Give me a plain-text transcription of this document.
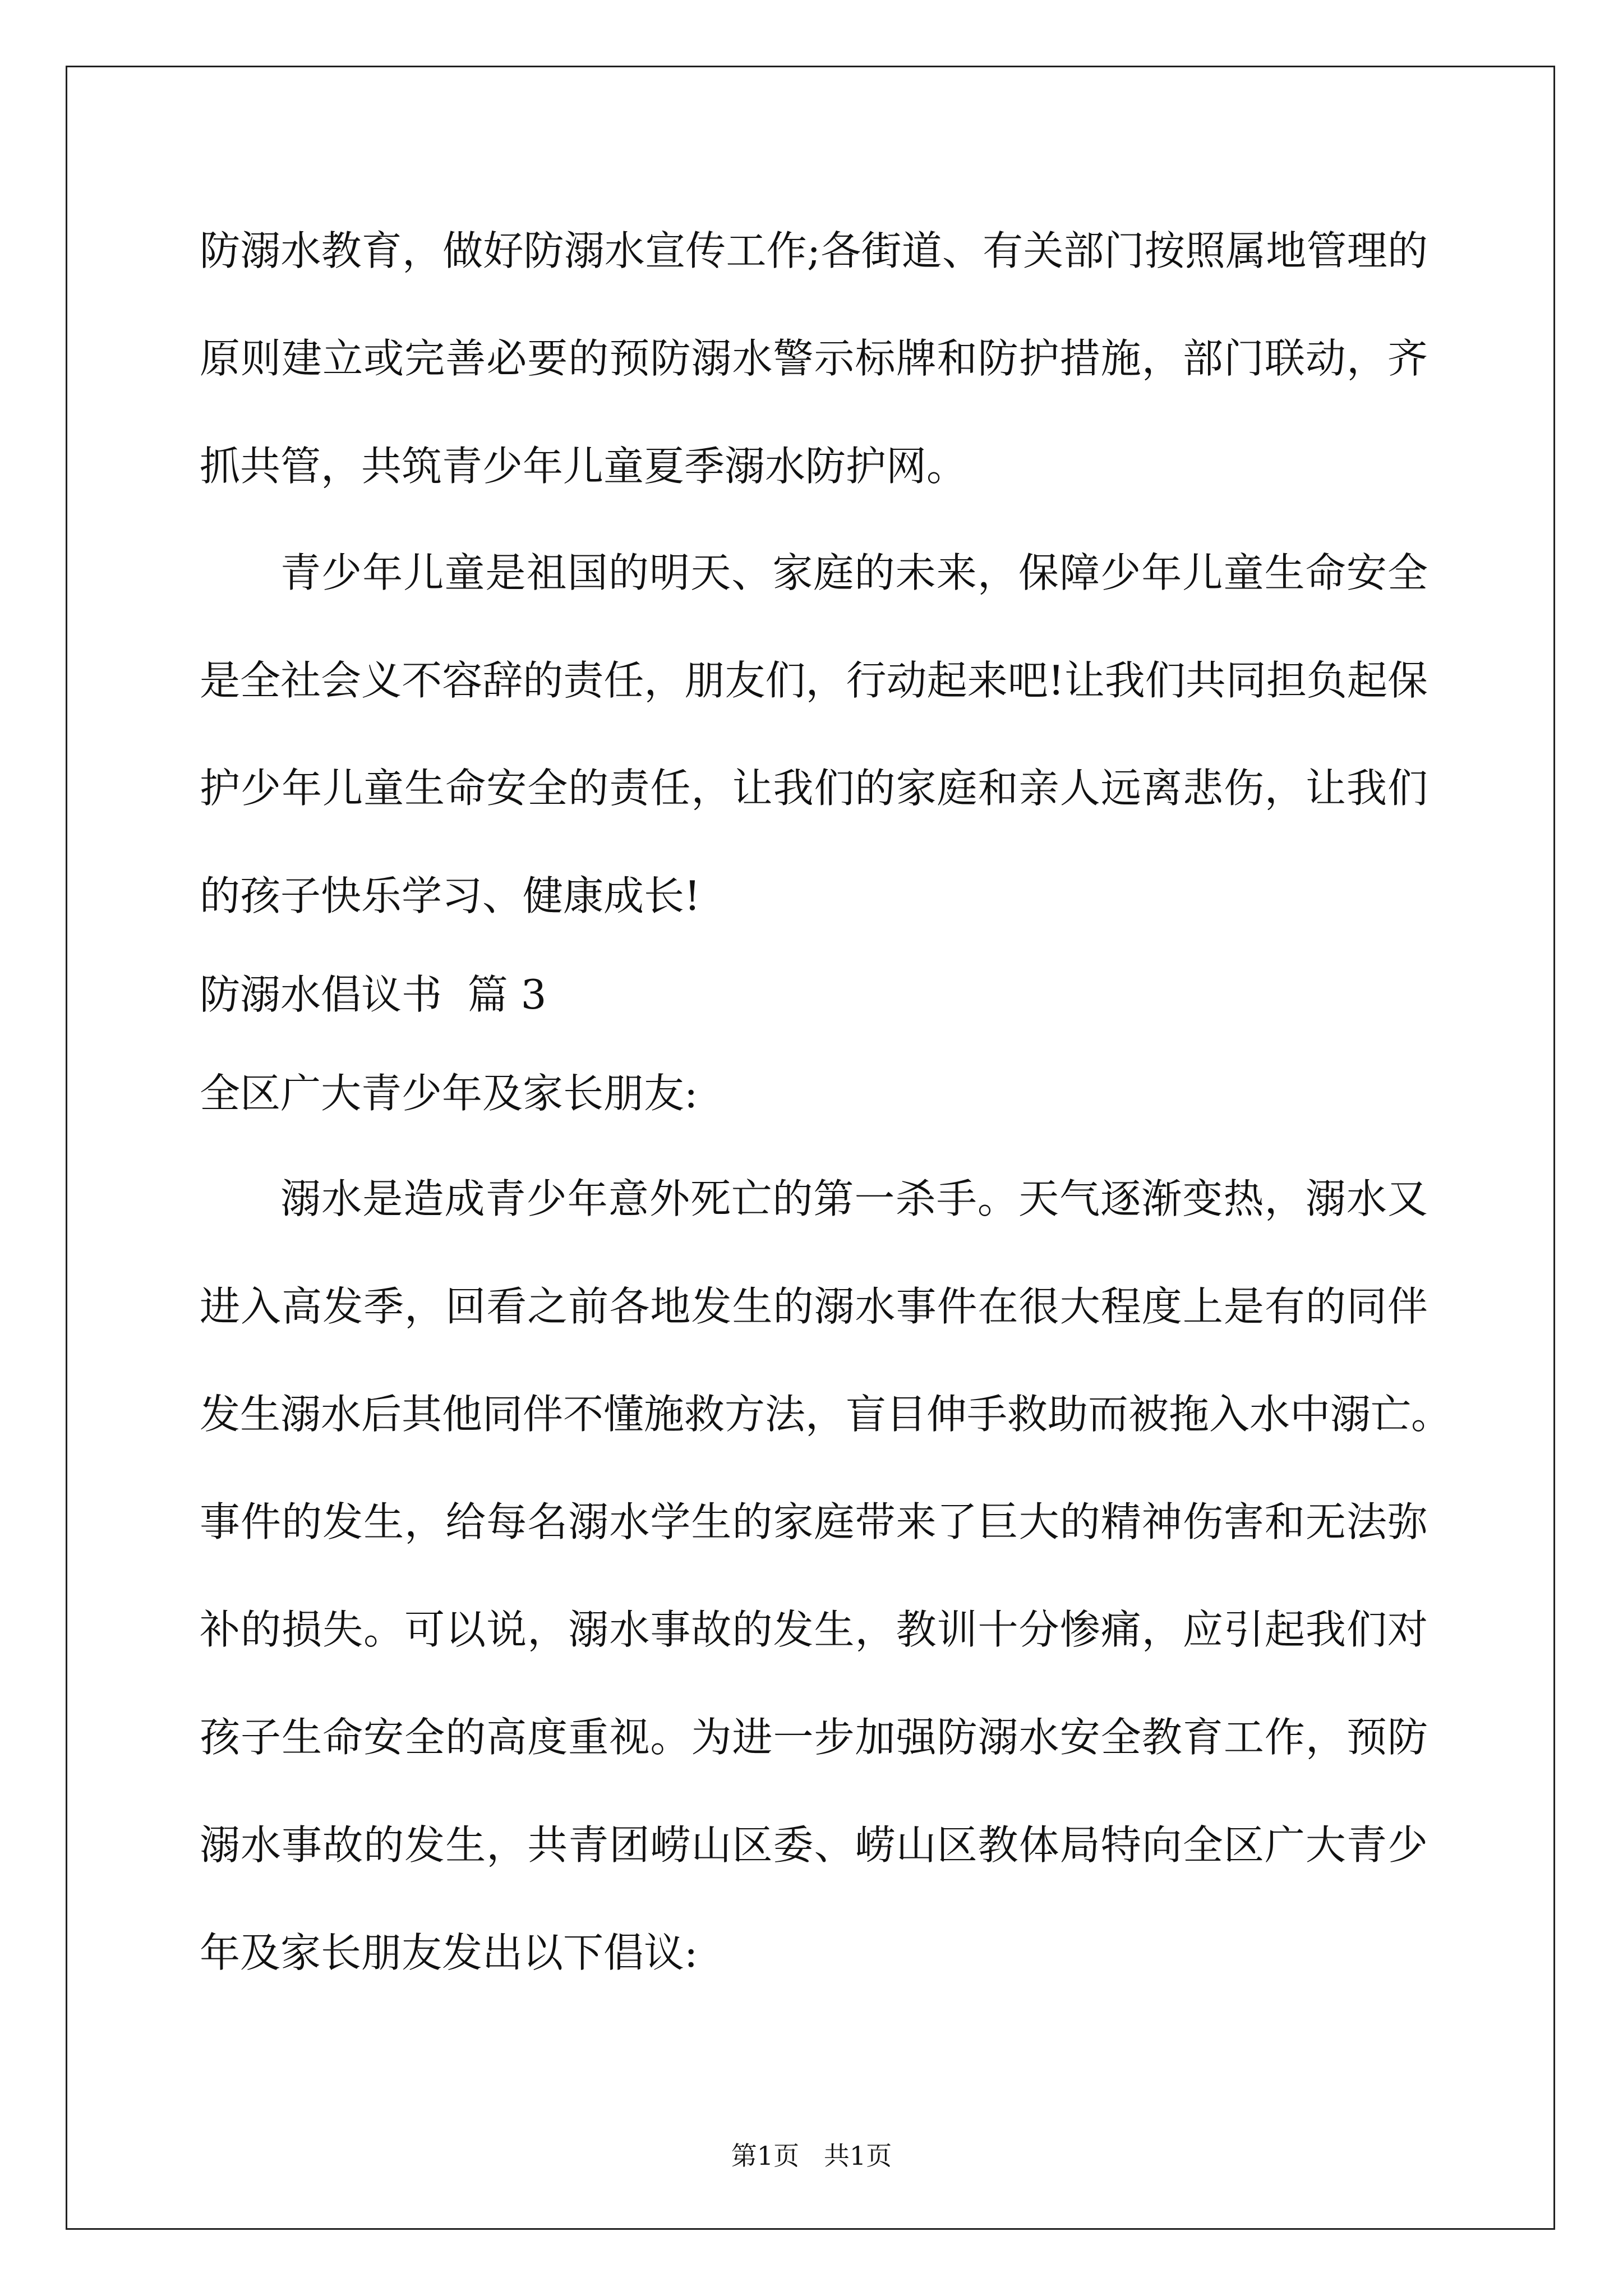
防溺水教育，做好防溺水宣传工作;各街道、有关部门按照属地管理的
原则建立或完善必要的预防溺水警示标牌和防护措施，部门联动，齐
抓共管，共筑青少年儿童夏季溺水防护网。
青少年儿童是祖国的明天、家庭的未来，保障少年儿童生命安全
是全社会义不容辞的责任，朋友们，行动起来吧!让我们共同担负起保
护少年儿童生命安全的责任，让我们的家庭和亲人远离悲伤，让我们
的孩子快乐学习、健康成长!
防溺水倡议书  篇 3
全区广大青少年及家长朋友:
溺水是造成青少年意外死亡的第一杀手。天气逐渐变热，溺水又
进入高发季，回看之前各地发生的溺水事件在很大程度上是有的同伴
发生溺水后其他同伴不懂施救方法，盲目伸手救助而被拖入水中溺亡。
事件的发生，给每名溺水学生的家庭带来了巨大的精神伤害和无法弥
补的损失。可以说，溺水事故的发生，教训十分惨痛，应引起我们对
孩子生命安全的高度重视。为进一步加强防溺水安全教育工作，预防
溺水事故的发生，共青团崂山区委、崂山区教体局特向全区广大青少
年及家长朋友发出以下倡议:
第1页   共1页
